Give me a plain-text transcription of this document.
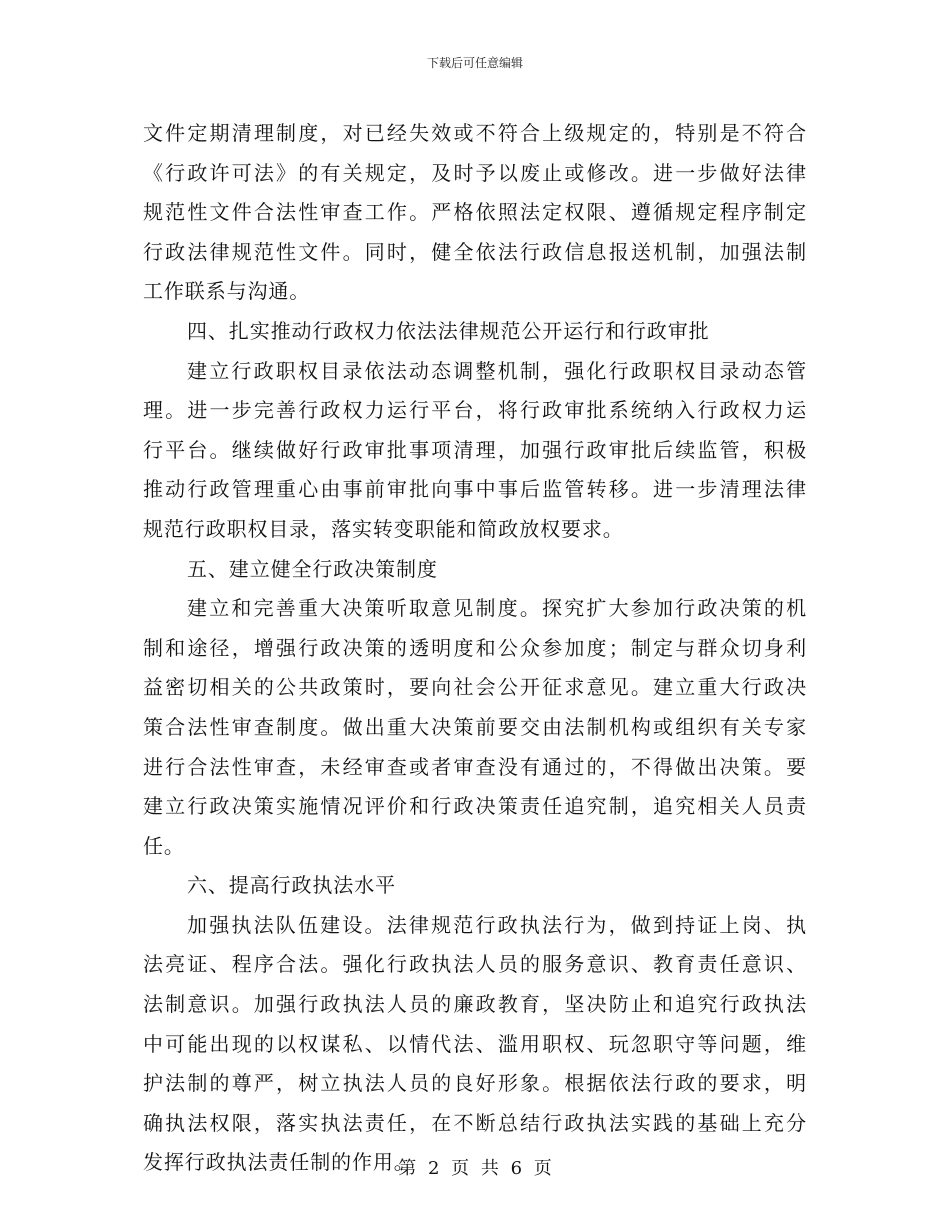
下载后可任意编辑
文件定期清理制度，对已经失效或不符合上级规定的，特别是不符合
《行政许可法》的有关规定，及时予以废止或修改。进一步做好法律
规范性文件合法性审查工作。严格依照法定权限、遵循规定程序制定
行政法律规范性文件。同时，健全依法行政信息报送机制，加强法制
工作联系与沟通。
四、扎实推动行政权力依法法律规范公开运行和行政审批
建立行政职权目录依法动态调整机制，强化行政职权目录动态管
理。进一步完善行政权力运行平台，将行政审批系统纳入行政权力运
行平台。继续做好行政审批事项清理，加强行政审批后续监管，积极
推动行政管理重心由事前审批向事中事后监管转移。进一步清理法律
规范行政职权目录，落实转变职能和简政放权要求。
五、建立健全行政决策制度
建立和完善重大决策听取意见制度。探究扩大参加行政决策的机
制和途径，增强行政决策的透明度和公众参加度；制定与群众切身利
益密切相关的公共政策时，要向社会公开征求意见。建立重大行政决
策合法性审查制度。做出重大决策前要交由法制机构或组织有关专家
进行合法性审查，未经审查或者审查没有通过的，不得做出决策。要
建立行政决策实施情况评价和行政决策责任追究制，追究相关人员责
任。
六、提高行政执法水平
加强执法队伍建设。法律规范行政执法行为，做到持证上岗、执
法亮证、程序合法。强化行政执法人员的服务意识、教育责任意识、
法制意识。加强行政执法人员的廉政教育，坚决防止和追究行政执法
中可能出现的以权谋私、以情代法、滥用职权、玩忽职守等问题，维
护法制的尊严，树立执法人员的良好形象。根据依法行政的要求，明
确执法权限，落实执法责任，在不断总结行政执法实践的基础上充分
发挥行政执法责任制的作用。
第 2 页 共 6 页
